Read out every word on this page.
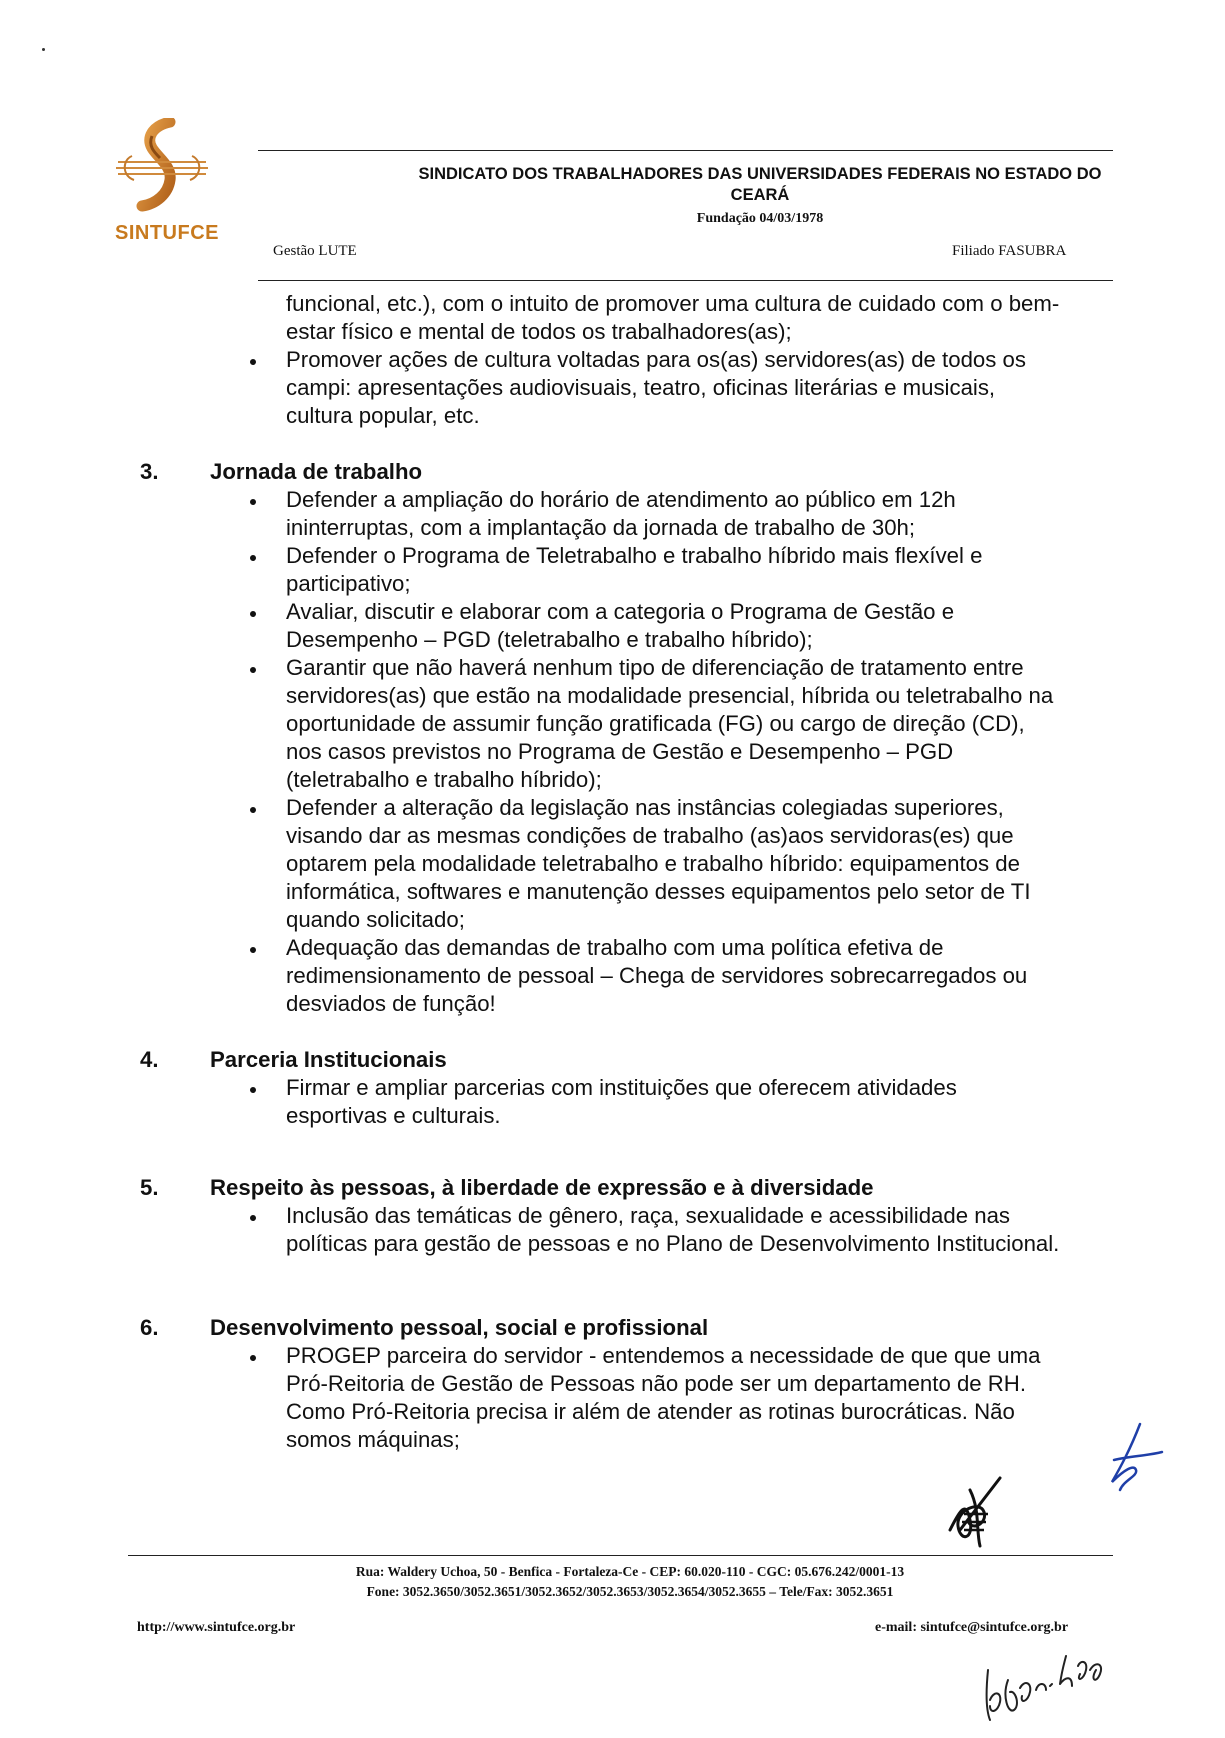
SINTUFCE
SINDICATO DOS TRABALHADORES DAS UNIVERSIDADES FEDERAIS NO ESTADO DO
CEARÁ
Fundação 04/03/1978
Gestão LUTE	Filiado FASUBRA
funcional, etc.), com o intuito de promover uma cultura de cuidado com o bem-estar físico e mental de todos os trabalhadores(as);
Promover ações de cultura voltadas para os(as) servidores(as) de todos os campi: apresentações audiovisuais, teatro, oficinas literárias e musicais, cultura popular, etc.
3.	Jornada de trabalho
Defender a ampliação do horário de atendimento ao público em 12h ininterruptas, com a implantação da jornada de trabalho de 30h;
Defender o Programa de Teletrabalho e trabalho híbrido mais flexível e participativo;
Avaliar, discutir e elaborar com a categoria o Programa de Gestão e Desempenho – PGD (teletrabalho e trabalho híbrido);
Garantir que não haverá nenhum tipo de diferenciação de tratamento entre servidores(as) que estão na modalidade presencial, híbrida ou teletrabalho na oportunidade de assumir função gratificada (FG) ou cargo de direção (CD), nos casos previstos no Programa de Gestão e Desempenho – PGD (teletrabalho e trabalho híbrido);
Defender a alteração da legislação nas instâncias colegiadas superiores, visando dar as mesmas condições de trabalho (as)aos servidoras(es) que optarem pela modalidade teletrabalho e trabalho híbrido: equipamentos de informática, softwares e manutenção desses equipamentos pelo setor de TI quando solicitado;
Adequação das demandas de trabalho com uma política efetiva de redimensionamento de pessoal – Chega de servidores sobrecarregados ou desviados de função!
4.	Parceria Institucionais
Firmar e ampliar parcerias com instituições que oferecem atividades esportivas e culturais.
5.	Respeito às pessoas, à liberdade de expressão e à diversidade
Inclusão das temáticas de gênero, raça, sexualidade e acessibilidade nas políticas para gestão de pessoas e no Plano de Desenvolvimento Institucional.
6.	Desenvolvimento pessoal, social e profissional
PROGEP parceira do servidor - entendemos a necessidade de que que uma Pró-Reitoria de Gestão de Pessoas não pode ser um departamento de RH. Como Pró-Reitoria precisa ir além de atender as rotinas burocráticas. Não somos máquinas;
Rua: Waldery Uchoa, 50 - Benfica - Fortaleza-Ce - CEP: 60.020-110 - CGC: 05.676.242/0001-13
Fone: 3052.3650/3052.3651/3052.3652/3052.3653/3052.3654/3052.3655 – Tele/Fax: 3052.3651
http://www.sintufce.org.br	e-mail: sintufce@sintufce.org.br
